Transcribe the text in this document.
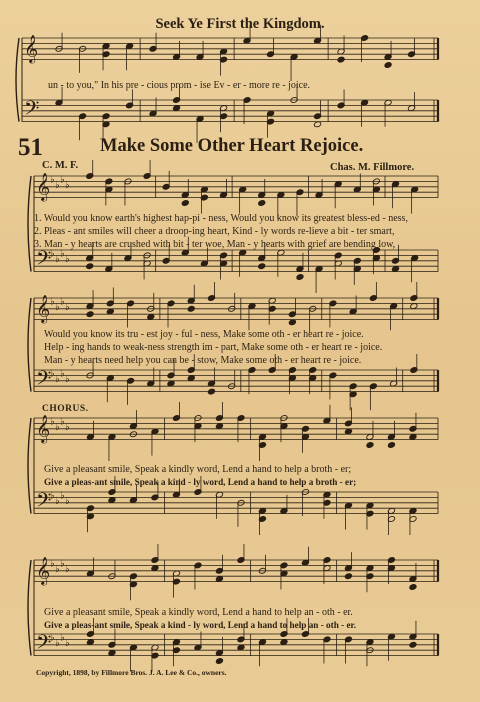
𝄞
𝄢
𝄞 ♭ ♭ ♭ ♭
𝄢
♭ ♭ ♭ ♭
𝄞 ♭ ♭ ♭ ♭
𝄢
♭ ♭ ♭ ♭
𝄞 ♭ ♭ ♭ ♭
𝄢
♭ ♭ ♭ ♭
𝄞 ♭ ♭ ♭ ♭
𝄢
♭ ♭ ♭ ♭
Seek Ye First the Kingdom.
un - to you," In his pre - cious prom - ise Ev - er - more re - joice.
51	Make Some Other Heart Rejoice.
C. M. F.	Chas. M. Fillmore.
1. Would you know earth's highest hap-pi - ness, Would you know its greatest bless-ed - ness,
2. Pleas - ant smiles will cheer a droop-ing heart, Kind - ly words re-lieve a bit - ter smart,
3. Man - y hearts are crushed with bit - ter woe, Man - y hearts with grief are bending low,
Would you know its tru - est joy - ful - ness, Make some oth - er heart re - joice.
Help - ing hands to weak-ness strength im - part, Make some oth - er heart re - joice.
Man - y hearts need help you can be - stow, Make some oth - er heart re - joice.
CHORUS.
Give a pleasant smile, Speak a kindly word, Lend a hand to help a broth - er;
Give a pleas-ant smile, Speak a kind - ly word, Lend a hand to help a broth - er;
Give a pleasant smile, Speak a kindly word, Lend a hand to help an - oth - er.
Give a pleas-ant smile, Speak a kind - ly word, Lend a hand to help an - oth - er.
Copyright, 1898, by Fillmore Bros. J. A. Lee & Co., owners.
